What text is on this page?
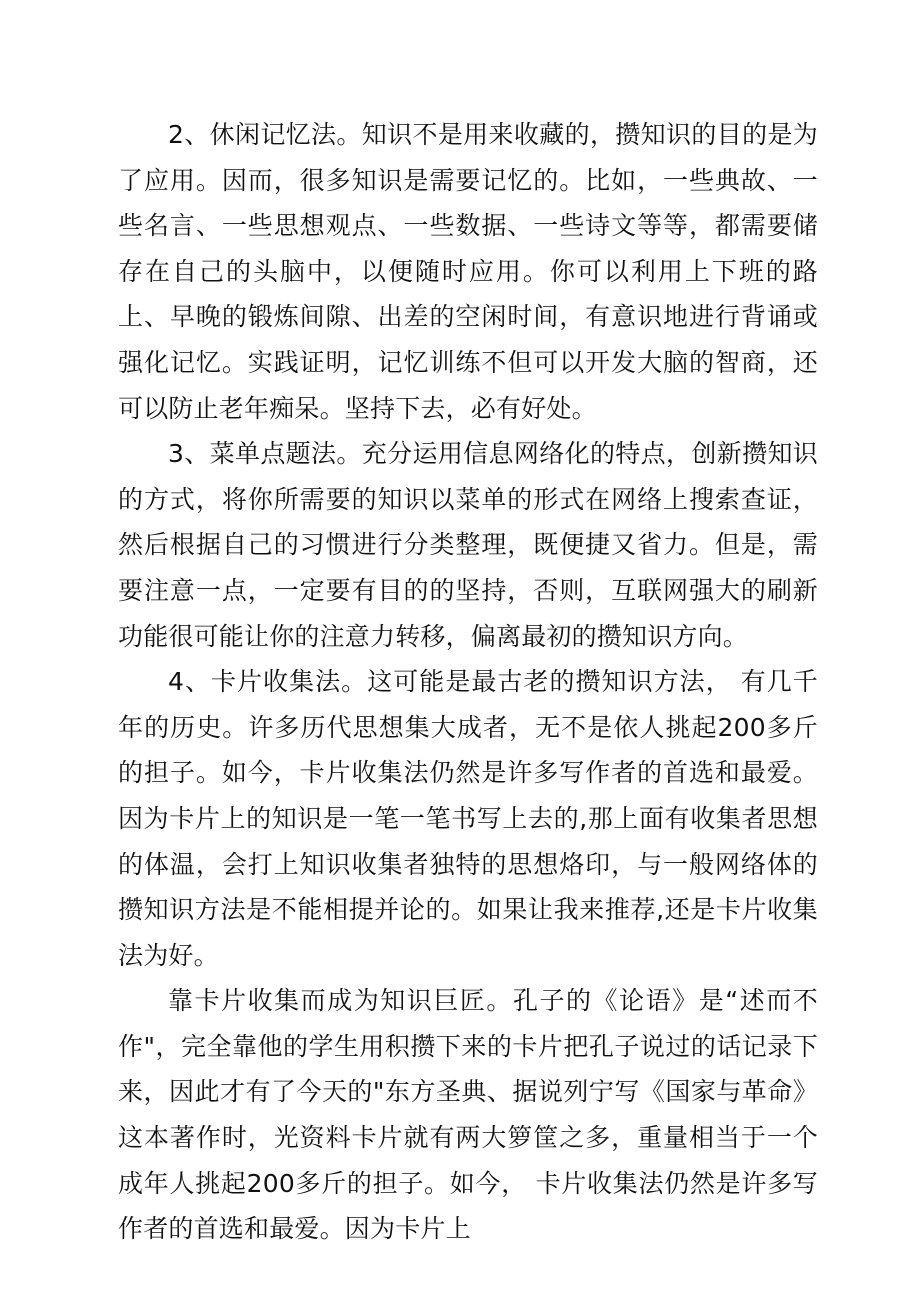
2、休闲记忆法。知识不是用来收藏的，攒知识的目的是为了应用。因而，很多知识是需要记忆的。比如，一些典故、一些名言、一些思想观点、一些数据、一些诗文等等，都需要储存在自己的头脑中，以便随时应用。你可以利用上下班的路上、早晚的锻炼间隙、出差的空闲时间，有意识地进行背诵或强化记忆。实践证明，记忆训练不但可以开发大脑的智商，还可以防止老年痴呆。坚持下去，必有好处。

3、菜单点题法。充分运用信息网络化的特点，创新攒知识的方式，将你所需要的知识以菜单的形式在网络上搜索查证，然后根据自己的习惯进行分类整理，既便捷又省力。但是，需要注意一点，一定要有目的的坚持，否则，互联网强大的刷新功能很可能让你的注意力转移，偏离最初的攒知识方向。

4、卡片收集法。这可能是最古老的攒知识方法， 有几千年的历史。许多历代思想集大成者，无不是依人挑起200多斤的担子。如今，卡片收集法仍然是许多写作者的首选和最爱。因为卡片上的知识是一笔一笔书写上去的,那上面有收集者思想的体温，会打上知识收集者独特的思想烙印，与一般网络体的攒知识方法是不能相提并论的。如果让我来推荐,还是卡片收集法为好。

靠卡片收集而成为知识巨匠。孔子的《论语》是“述而不作"，完全靠他的学生用积攒下来的卡片把孔子说过的话记录下来，因此才有了今天的"东方圣典、据说列宁写《国家与革命》这本著作时，光资料卡片就有两大箩筐之多，重量相当于一个成年人挑起200多斤的担子。如今， 卡片收集法仍然是许多写作者的首选和最爱。因为卡片上
